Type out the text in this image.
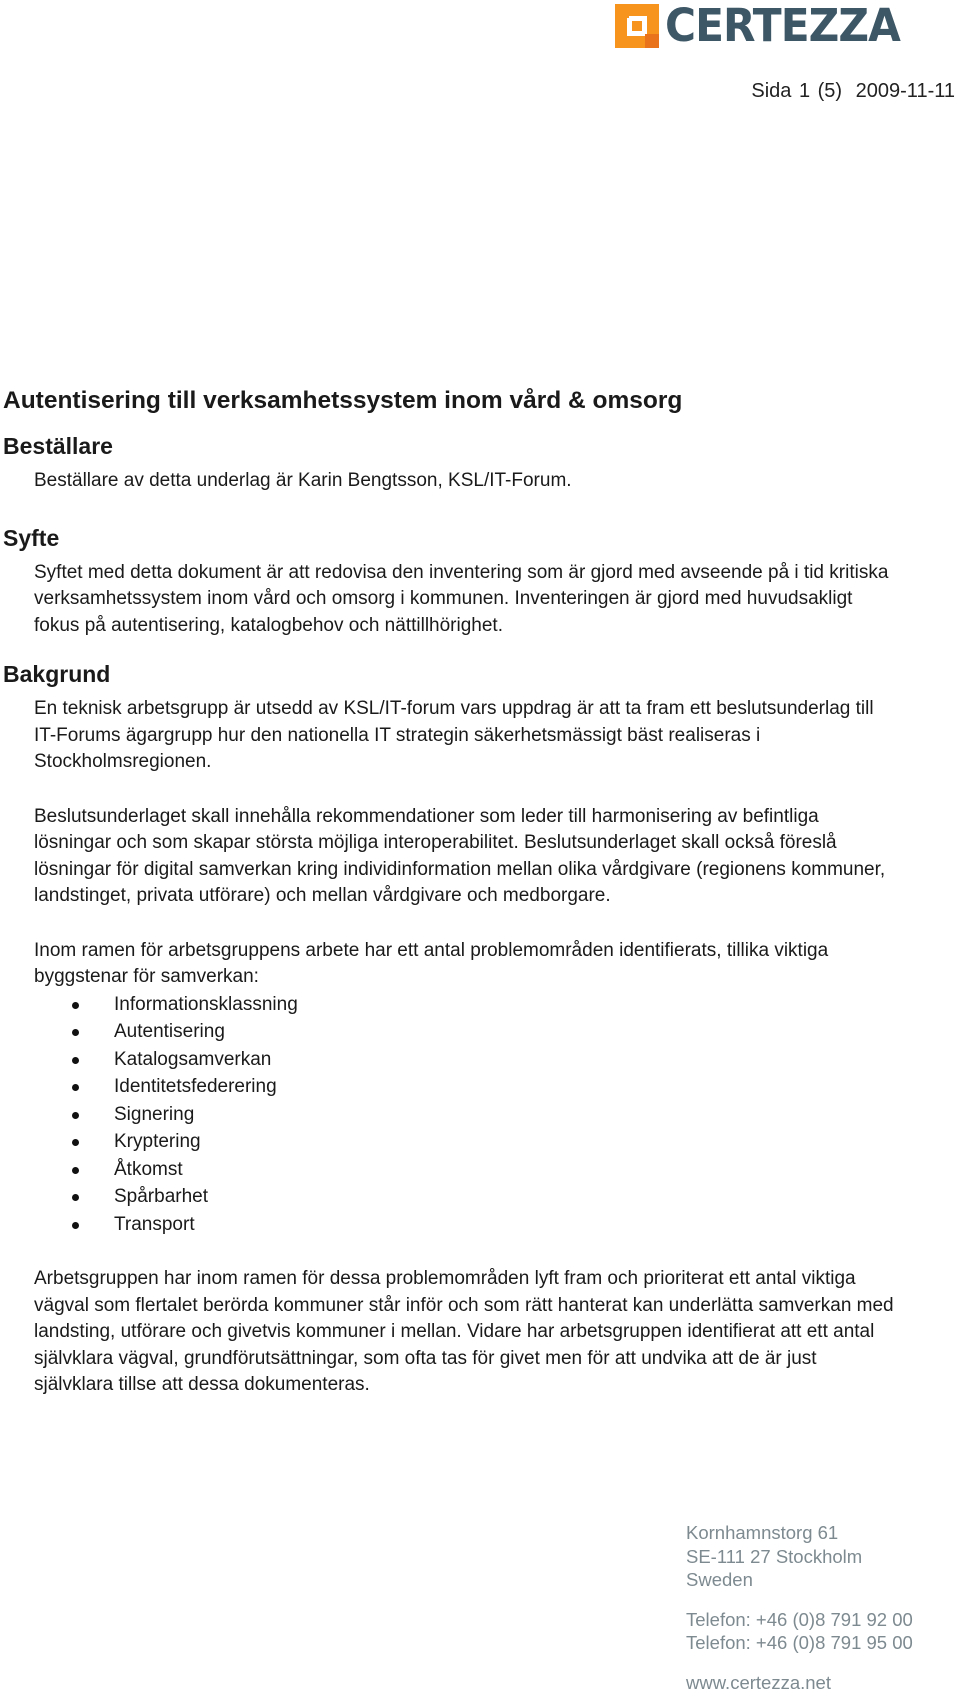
CERTEZZA
Sida 1 (5) 2009-11-11
Autentisering till verksamhetssystem inom vård & omsorg
Beställare

Beställare av detta underlag är Karin Bengtsson, KSL/IT-Forum.

Syfte

Syftet med detta dokument är att redovisa den inventering som är gjord med avseende på i tid kritiska verksamhetssystem inom vård och omsorg i kommunen. Inventeringen är gjord med huvudsakligt fokus på autentisering, katalogbehov och nättillhörighet.

Bakgrund

En teknisk arbetsgrupp är utsedd av KSL/IT-forum vars uppdrag är att ta fram ett beslutsunderlag till IT-Forums ägargrupp hur den nationella IT strategin säkerhetsmässigt bäst realiseras i Stockholmsregionen.

Beslutsunderlaget skall innehålla rekommendationer som leder till harmonisering av befintliga lösningar och som skapar största möjliga interoperabilitet. Beslutsunderlaget skall också föreslå lösningar för digital samverkan kring individinformation mellan olika vårdgivare (regionens kommuner, landstinget, privata utförare) och mellan vårdgivare och medborgare.

Inom ramen för arbetsgruppens arbete har ett antal problemområden identifierats, tillika viktiga byggstenar för samverkan:

Informationsklassning
Autentisering
Katalogsamverkan
Identitetsfederering
Signering
Kryptering
Åtkomst
Spårbarhet
Transport

Arbetsgruppen har inom ramen för dessa problemområden lyft fram och prioriterat ett antal viktiga vägval som flertalet berörda kommuner står inför och som rätt hanterat kan underlätta samverkan med landsting, utförare och givetvis kommuner i mellan. Vidare har arbetsgruppen identifierat att ett antal självklara vägval, grundförutsättningar, som ofta tas för givet men för att undvika att de är just självklara tillse att dessa dokumenteras.

Kornhamnstorg 61
SE-111 27 Stockholm
Sweden
Telefon: +46 (0)8 791 92 00
Telefon: +46 (0)8 791 95 00
www.certezza.net
